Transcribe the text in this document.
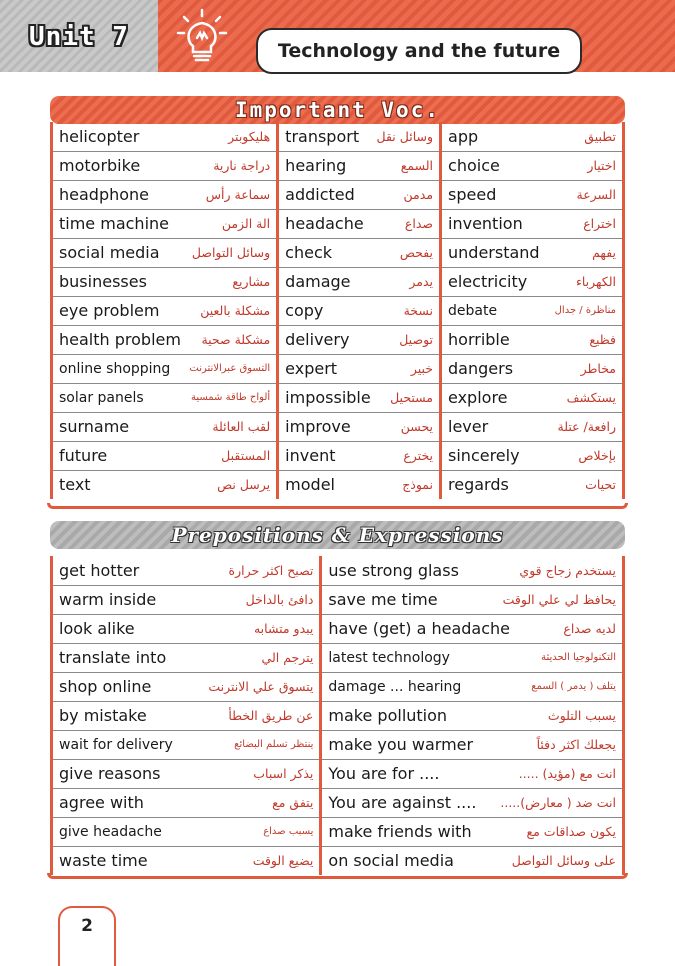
Unit 7	Technology and the future
Important Voc.
helicopter هليكوبتر	transport وسائل نقل	app تطبيق

motorbike دراجة نارية	hearing السمع	choice اختيار

headphone سماعة رأس	addicted مدمن	speed السرعة

time machine الة الزمن	headache صداع	invention اختراع

social media وسائل التواصل	check يفحص	understand يفهم

businesses مشاريع	damage يدمر	electricity الكهرباء

eye problem مشكلة بالعين	copy نسخة	debate مناظرة / جدال

health problem مشكلة صحية	delivery توصيل	horrible فظيع

online shopping التسوق عبرالانترنت	expert خبير	dangers مخاطر

solar panels ألواح طاقة شمسية	impossible مستحيل	explore يستكشف

surname لقب العائلة	improve يحسن	lever رافعة/ عتلة

future المستقبل	invent يخترع	sincerely بإخلاص

text يرسل نص	model نموذج	regards تحيات
Prepositions & Expressions
get hotter تصبح اكثر حرارة	use strong glass يستخدم زجاج قوي

warm inside دافئ بالداخل	save me time يحافظ لي علي الوقت

look alike يبدو متشابه	have (get) a headache لديه صداع

translate into يترجم الي	latest technology التكنولوجيا الحديثة

shop online يتسوق علي الانترنت	damage ... hearing يتلف ( يدمر ) السمع

by mistake عن طريق الخطأ	make pollution يسبب التلوث

wait for delivery ينتظر تسلم البضائع	make you warmer يجعلك اكثر دفئاً

give reasons يذكر اسباب	You are for .... انت مع (مؤيد) .....

agree with يتفق مع	You are against .... انت ضد ( معارض).....

give headache يسبب صداع	make friends with يكون صداقات مع

waste time يضيع الوقت	on social media على وسائل التواصل
2
